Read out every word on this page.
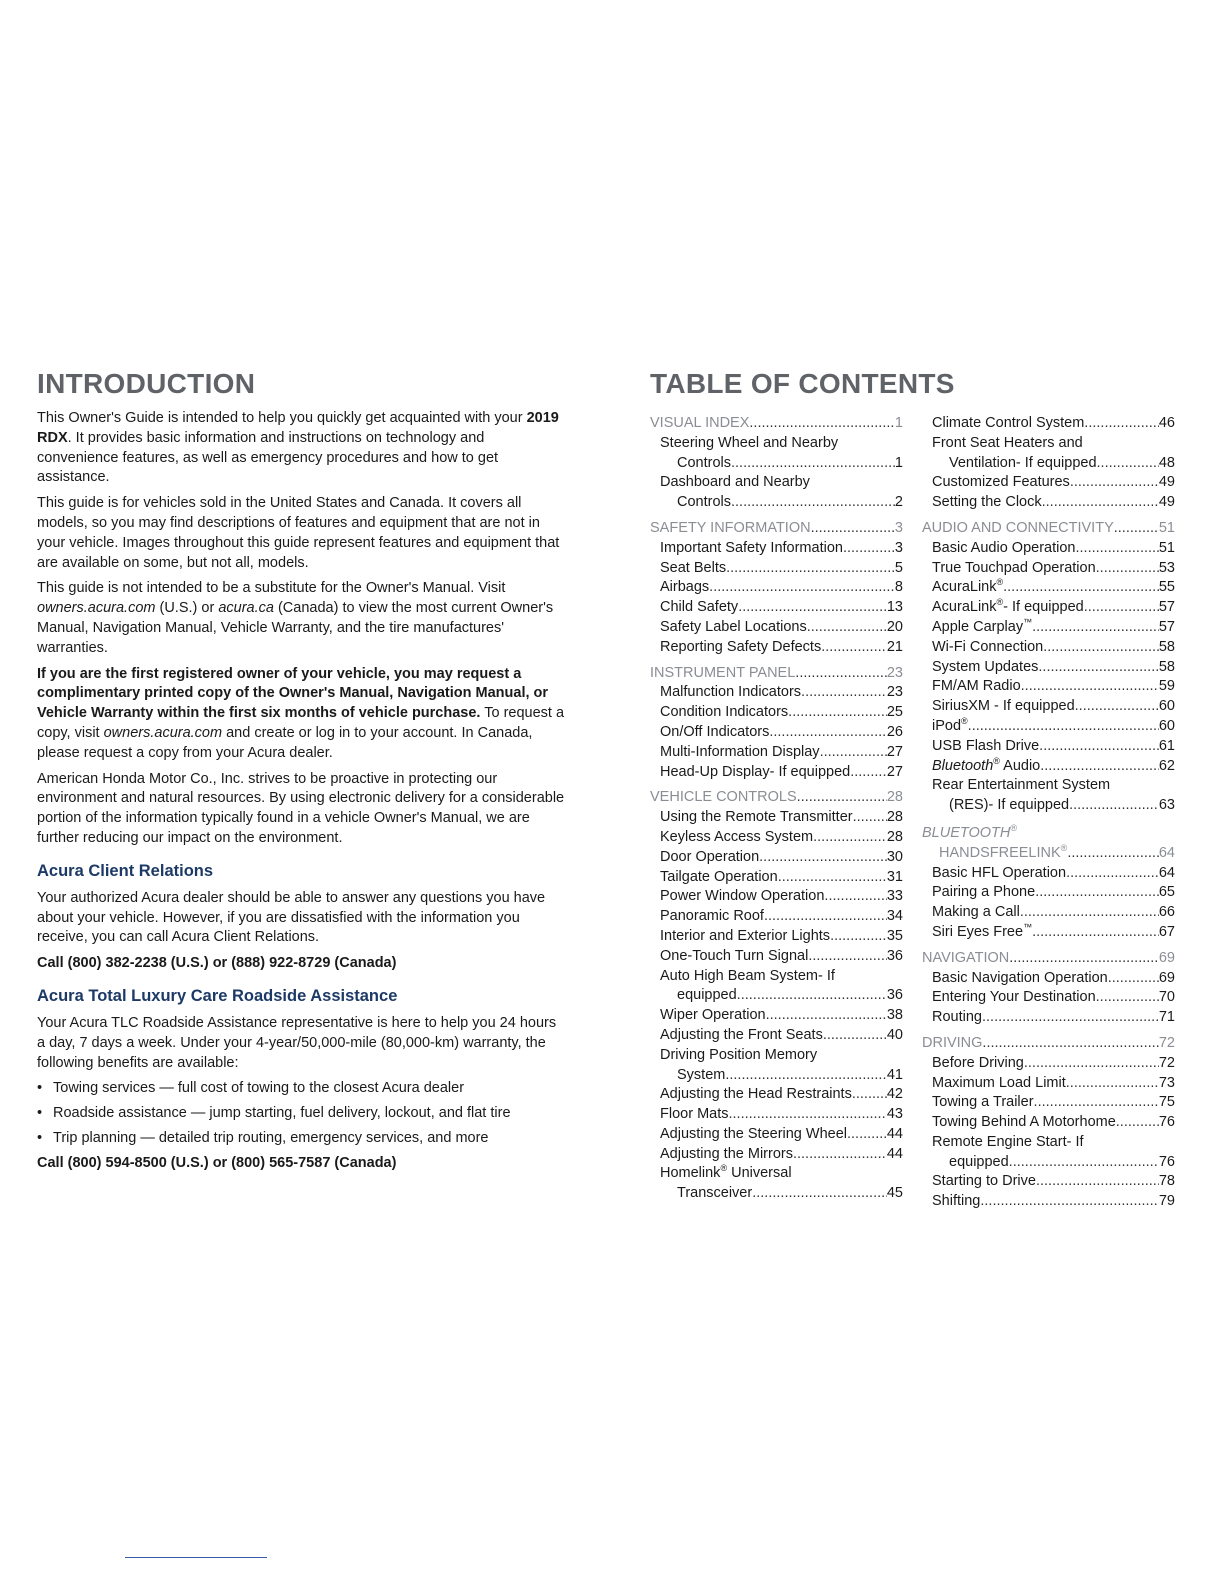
INTRODUCTION

This Owner's Guide is intended to help you quickly get acquainted with your 2019 RDX. It provides basic information and instructions on technology and convenience features, as well as emergency procedures and how to get assistance.

This guide is for vehicles sold in the United States and Canada. It covers all models, so you may find descriptions of features and equipment that are not in your vehicle. Images throughout this guide represent features and equipment that are available on some, but not all, models.

This guide is not intended to be a substitute for the Owner's Manual. Visit owners.acura.com (U.S.) or acura.ca (Canada) to view the most current Owner's Manual, Navigation Manual, Vehicle Warranty, and the tire manufactures' warranties.

If you are the first registered owner of your vehicle, you may request a complimentary printed copy of the Owner's Manual, Navigation Manual, or Vehicle Warranty within the first six months of vehicle purchase. To request a copy, visit owners.acura.com and create or log in to your account. In Canada, please request a copy from your Acura dealer.

American Honda Motor Co., Inc. strives to be proactive in protecting our environment and natural resources. By using electronic delivery for a considerable portion of the information typically found in a vehicle Owner's Manual, we are further reducing our impact on the environment.

Acura Client Relations

Your authorized Acura dealer should be able to answer any questions you have about your vehicle. However, if you are dissatisfied with the information you receive, you can call Acura Client Relations.

Call (800) 382-2238 (U.S.) or (888) 922-8729 (Canada)

Acura Total Luxury Care Roadside Assistance

Your Acura TLC Roadside Assistance representative is here to help you 24 hours a day, 7 days a week. Under your 4-year/50,000-mile (80,000-km) warranty, the following benefits are available:

• Towing services — full cost of towing to the closest Acura dealer
• Roadside assistance — jump starting, fuel delivery, lockout, and flat tire
• Trip planning — detailed trip routing, emergency services, and more

Call (800) 594-8500 (U.S.) or (800) 565-7587 (Canada)

TABLE OF CONTENTS
VISUAL INDEX .....	1
Steering Wheel and Nearby
Controls .....	1
Dashboard and Nearby
Controls .....	2
SAFETY INFORMATION .....	3
Important Safety Information .....	3
Seat Belts .....	5
Airbags .....	8
Child Safety .....	13
Safety Label Locations .....	20
Reporting Safety Defects .....	21
INSTRUMENT PANEL .....	23
Malfunction Indicators .....	23
Condition Indicators .....	25
On/Off Indicators .....	26
Multi-Information Display .....	27
Head-Up Display- If equipped .....	27
VEHICLE CONTROLS .....	28
Using the Remote Transmitter ..... 28
Keyless Access System .....	28
Door Operation .....	30
Tailgate Operation .....	31
Power Window Operation .....	33
Panoramic Roof .....	34
Interior and Exterior Lights .....	35
One-Touch Turn Signal .....	36
Auto High Beam System- If
equipped .....	36
Wiper Operation .....	38
Adjusting the Front Seats .....	40
Driving Position Memory
System .....	41
Adjusting the Head Restraints ..... 42
Floor Mats .....	43
Adjusting the Steering Wheel .....	44
Adjusting the Mirrors .....	44
Homelink® Universal
Transceiver .....	45
Climate Control System .....	46
Front Seat Heaters and
Ventilation- If equipped .....	48
Customized Features .....	49
Setting the Clock .....	49
AUDIO AND CONNECTIVITY .....	51
Basic Audio Operation .....	51
True Touchpad Operation .....	53
AcuraLink® .....	55
AcuraLink®- If equipped .....	57
Apple Carplay™ .....	57
Wi-Fi Connection .....	58
System Updates .....	58
FM/AM Radio .....	59
SiriusXM - If equipped .....	60
iPod® .....	60
USB Flash Drive .....	61
Bluetooth® Audio .....	62
Rear Entertainment System
(RES)- If equipped .....	63
BLUETOOTH®
HANDSFREELINK® .....	64
Basic HFL Operation .....	64
Pairing a Phone .....	65
Making a Call .....	66
Siri Eyes Free™ .....	67
NAVIGATION .....	69
Basic Navigation Operation .....	69
Entering Your Destination .....	70
Routing .....	71
DRIVING .....	72
Before Driving .....	72
Maximum Load Limit .....	73
Towing a Trailer .....	75
Towing Behind A Motorhome .....	76
Remote Engine Start- If
equipped .....	76
Starting to Drive .....	78
Shifting .....	79
